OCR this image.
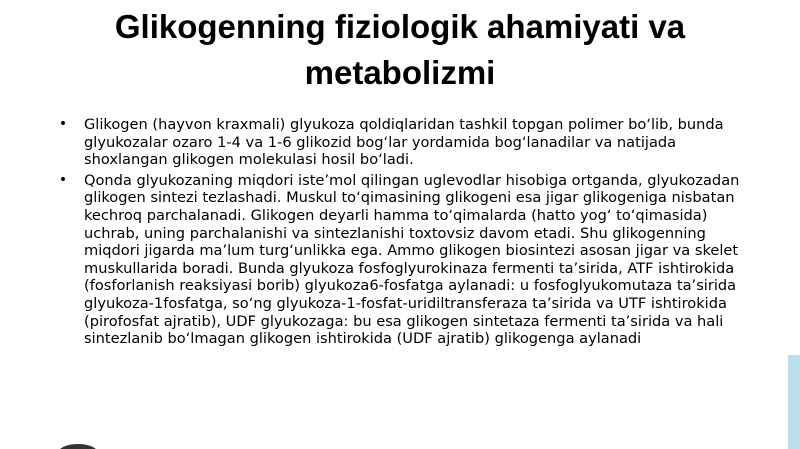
Glikogenning fiziologik ahamiyati va metabolizmi
• Glikogen (hayvon kraxmali) glyukoza qoldiqlaridan tashkil topgan polimer bo‘lib, bunda glyukozalar ozaro 1-4 va 1-6 glikozid bog‘lar yordamida bog‘lanadilar va natijada shoxlangan glikogen molekulasi hosil bo‘ladi.
• Qonda glyukozaning miqdori iste’mol qilingan uglevodlar hisobiga ortganda, glyukozadan glikogen sintezi tezlashadi. Muskul to‘qimasining glikogeni esa jigar glikogeniga nisbatan kechroq parchalanadi. Glikogen deyarli hamma to‘qimalarda (hatto yog‘ to‘qimasida) uchrab, uning parchalanishi va sintezlanishi toxtovsiz davom etadi. Shu glikogenning miqdori jigarda ma’lum turg‘unlikka ega. Ammo glikogen biosintezi asosan jigar va skelet muskullarida boradi. Bunda glyukoza fosfoglyurokinaza fermenti ta’sirida, ATF ishtirokida (fosforlanish reaksiyasi borib) glyukoza6-fosfatga aylanadi: u fosfoglyukomutaza ta’sirida glyukoza-1fosfatga, so‘ng glyukoza-1-fosfat-uridiltransferaza ta’sirida va UTF ishtirokida (pirofosfat ajratib), UDF glyukozaga: bu esa glikogen sintetaza fermenti ta’sirida va hali sintezlanib bo‘lmagan glikogen ishtirokida (UDF ajratib) glikogenga aylanadi
